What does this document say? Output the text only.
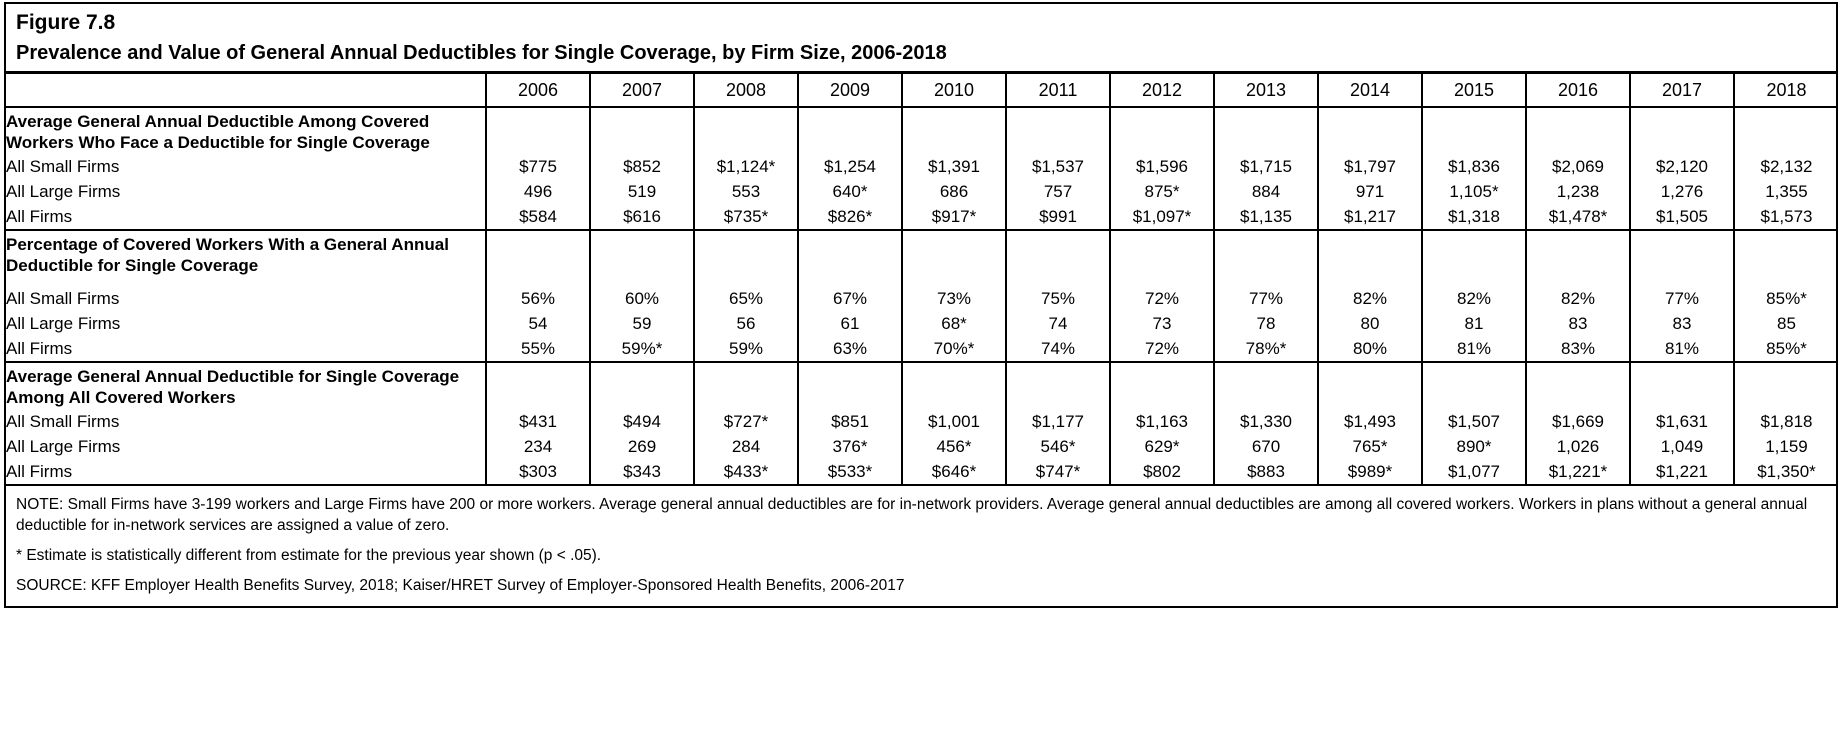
Figure 7.8
Prevalence and Value of General Annual Deductibles for Single Coverage, by Firm Size, 2006-2018
	2006	2007	2008	2009	2010	2011	2012	2013	2014	2015	2016	2017	2018
Average General Annual Deductible Among Covered Workers Who Face a Deductible for Single Coverage													
All Small Firms	$775	$852	$1,124*	$1,254	$1,391	$1,537	$1,596	$1,715	$1,797	$1,836	$2,069	$2,120	$2,132
All Large Firms	496	519	553	640*	686	757	875*	884	971	1,105*	1,238	1,276	1,355
All Firms	$584	$616	$735*	$826*	$917*	$991	$1,097*	$1,135	$1,217	$1,318	$1,478*	$1,505	$1,573
Percentage of Covered Workers With a General Annual Deductible for Single Coverage													

All Small Firms	56%	60%	65%	67%	73%	75%	72%	77%	82%	82%	82%	77%	85%*
All Large Firms	54	59	56	61	68*	74	73	78	80	81	83	83	85
All Firms	55%	59%*	59%	63%	70%*	74%	72%	78%*	80%	81%	83%	81%	85%*
Average General Annual Deductible for Single Coverage Among All Covered Workers													
All Small Firms	$431	$494	$727*	$851	$1,001	$1,177	$1,163	$1,330	$1,493	$1,507	$1,669	$1,631	$1,818
All Large Firms	234	269	284	376*	456*	546*	629*	670	765*	890*	1,026	1,049	1,159
All Firms	$303	$343	$433*	$533*	$646*	$747*	$802	$883	$989*	$1,077	$1,221*	$1,221	$1,350*

NOTE: Small Firms have 3-199 workers and Large Firms have 200 or more workers. Average general annual deductibles are for in-network providers. Average general annual deductibles are among all covered workers. Workers in plans without a general annual deductible for in-network services are assigned a value of zero.

* Estimate is statistically different from estimate for the previous year shown (p < .05).

SOURCE: KFF Employer Health Benefits Survey, 2018; Kaiser/HRET Survey of Employer-Sponsored Health Benefits, 2006-2017
